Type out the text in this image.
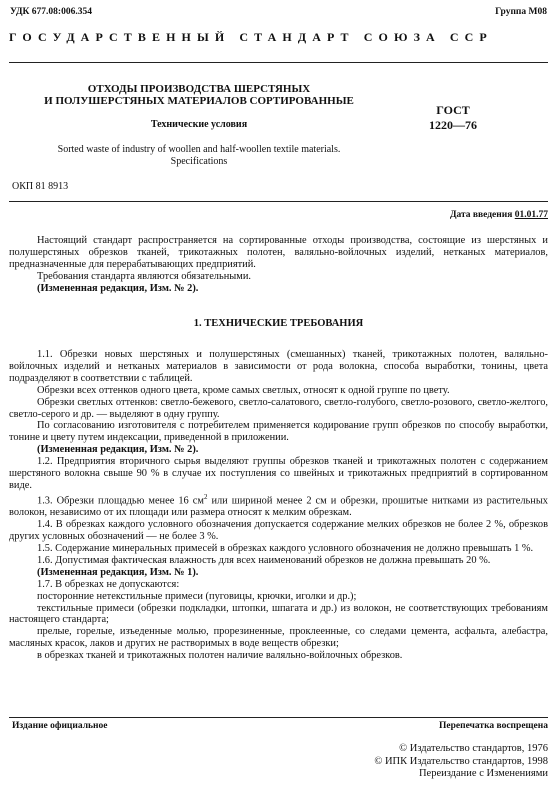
УДК 677.08:006.354	Группа М08
ГОСУДАРСТВЕННЫЙ СТАНДАРТ СОЮЗА ССР
ОТХОДЫ ПРОИЗВОДСТВА ШЕРСТЯНЫХ
И ПОЛУШЕРСТЯНЫХ МАТЕРИАЛОВ СОРТИРОВАННЫЕ
Технические условия
Sorted waste of industry of woollen and half-woollen textile materials.
Specifications
ГОСТ
1220—76
ОКП 81 8913
Дата введения 01.01.77

Настоящий стандарт распространяется на сортированные отходы производства, состоящие из шерстяных и полушерстяных обрезков тканей, трикотажных полотен, валяльно-войлочных изделий, нетканых материалов, предназначенные для перерабатывающих предприятий.

Требования стандарта являются обязательными.

(Измененная редакция, Изм. № 2).

1. ТЕХНИЧЕСКИЕ ТРЕБОВАНИЯ

1.1. Обрезки новых шерстяных и полушерстяных (смешанных) тканей, трикотажных полотен, валяльно-войлочных изделий и нетканых материалов в зависимости от рода волокна, способа выработки, тонины, цвета подразделяют в соответствии с таблицей.

Обрезки всех оттенков одного цвета, кроме самых светлых, относят к одной группе по цвету.

Обрезки светлых оттенков: светло-бежевого, светло-салатового, светло-голубого, светло-розового, светло-желтого, светло-серого и др. — выделяют в одну группу.

По согласованию изготовителя с потребителем применяется кодирование групп обрезков по способу выработки, тонине и цвету путем индексации, приведенной в приложении.

(Измененная редакция, Изм. № 2).

1.2. Предприятия вторичного сырья выделяют группы обрезков тканей и трикотажных полотен с содержанием шерстяного волокна свыше 90 % в случае их поступления со швейных и трикотажных предприятий в сортированном виде.

1.3. Обрезки площадью менее 16 $см^2$ или шириной менее 2 см и обрезки, прошитые нитками из растительных волокон, независимо от их площади или размера относят к мелким обрезкам.

1.4. В обрезках каждого условного обозначения допускается содержание мелких обрезков не более 2 %, обрезков других условных обозначений — не более 3 %.

1.5. Содержание минеральных примесей в обрезках каждого условного обозначения не должно превышать 1 %.

1.6. Допустимая фактическая влажность для всех наименований обрезков не должна превышать 20 %.

(Измененная редакция, Изм. № 1).

1.7. В обрезках не допускаются:

посторонние нетекстильные примеси (пуговицы, крючки, иголки и др.);

текстильные примеси (обрезки подкладки, штопки, шпагата и др.) из волокон, не соответствующих требованиям настоящего стандарта;

прелые, горелые, изъеденные молью, прорезиненные, проклеенные, со следами цемента, асфальта, алебастра, масляных красок, лаков и других не растворимых в воде веществ обрезки;

в обрезках тканей и трикотажных полотен наличие валяльно-войлочных обрезков.

Издание официальное	Перепечатка воспрещена
© Издательство стандартов, 1976
© ИПК Издательство стандартов, 1998
Переиздание с Изменениями
